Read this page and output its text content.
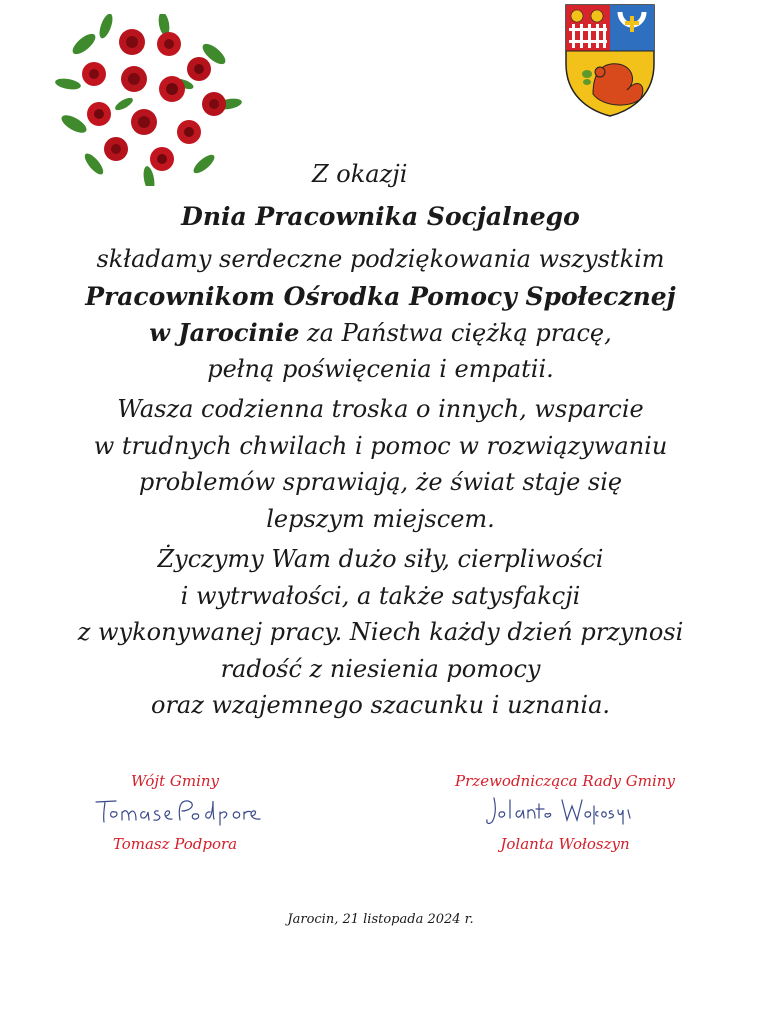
Z okazji
Dnia Pracownika Socjalnego
składamy serdeczne podziękowania wszystkim
Pracownikom Ośrodka Pomocy Społecznej
w Jarocinie za Państwa ciężką pracę,
pełną poświęcenia i empatii.
Wasza codzienna troska o innych, wsparcie
w trudnych chwilach i pomoc w rozwiązywaniu
problemów sprawiają, że świat staje się
lepszym miejscem.
Życzymy Wam dużo siły, cierpliwości
i wytrwałości, a także satysfakcji
z wykonywanej pracy. Niech każdy dzień przynosi
radość z niesienia pomocy
oraz wzajemnego szacunku i uznania.
Wójt Gminy
Tomasz Podpora
Przewodnicząca Rady Gminy
Jolanta Wołoszyn
Jarocin, 21 listopada 2024 r.
